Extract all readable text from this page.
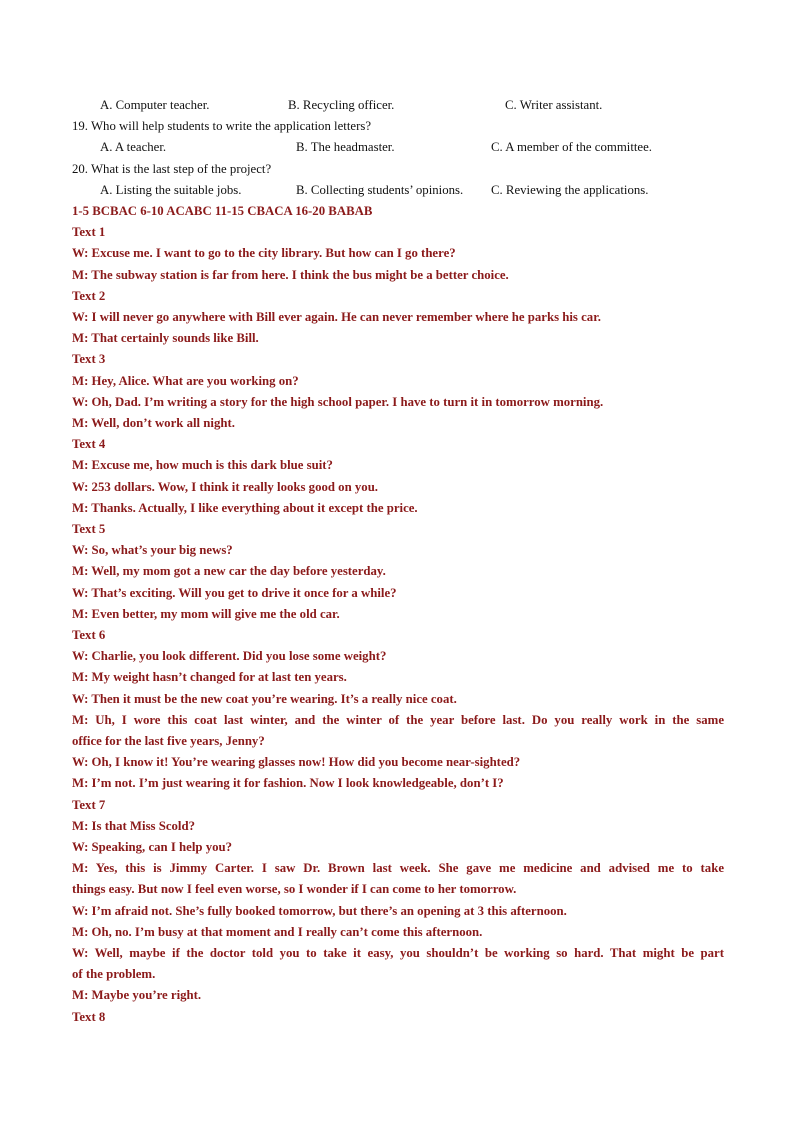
A. Computer teacher.	B. Recycling officer.	C. Writer assistant.
19. Who will help students to write the application letters?
A. A teacher.	B. The headmaster.	C. A member of the committee.
20. What is the last step of the project?
A. Listing the suitable jobs.	B. Collecting students’ opinions.	C. Reviewing the applications.
1-5 BCBAC 6-10 ACABC 11-15 CBACA 16-20 BABAB
Text 1
W: Excuse me. I want to go to the city library. But how can I go there?
M: The subway station is far from here. I think the bus might be a better choice.
Text 2
W: I will never go anywhere with Bill ever again. He can never remember where he parks his car.
M: That certainly sounds like Bill.
Text 3
M: Hey, Alice. What are you working on?
W: Oh, Dad. I’m writing a story for the high school paper. I have to turn it in tomorrow morning.
M: Well, don’t work all night.
Text 4
M: Excuse me, how much is this dark blue suit?
W: 253 dollars. Wow, I think it really looks good on you.
M: Thanks. Actually, I like everything about it except the price.
Text 5
W: So, what’s your big news?
M: Well, my mom got a new car the day before yesterday.
W: That’s exciting. Will you get to drive it once for a while?
M: Even better, my mom will give me the old car.
Text 6
W: Charlie, you look different. Did you lose some weight?
M: My weight hasn’t changed for at last ten years.
W: Then it must be the new coat you’re wearing. It’s a really nice coat.
M: Uh, I wore this coat last winter, and the winter of the year before last. Do you really work in the same
office for the last five years, Jenny?
W: Oh, I know it! You’re wearing glasses now! How did you become near-sighted?
M: I’m not. I’m just wearing it for fashion. Now I look knowledgeable, don’t I?
Text 7
M: Is that Miss Scold?
W: Speaking, can I help you?
M: Yes, this is Jimmy Carter. I saw Dr. Brown last week. She gave me medicine and advised me to take
things easy. But now I feel even worse, so I wonder if I can come to her tomorrow.
W: I’m afraid not. She’s fully booked tomorrow, but there’s an opening at 3 this afternoon.
M: Oh, no. I’m busy at that moment and I really can’t come this afternoon.
W: Well, maybe if the doctor told you to take it easy, you shouldn’t be working so hard. That might be part
of the problem.
M: Maybe you’re right.
Text 8
